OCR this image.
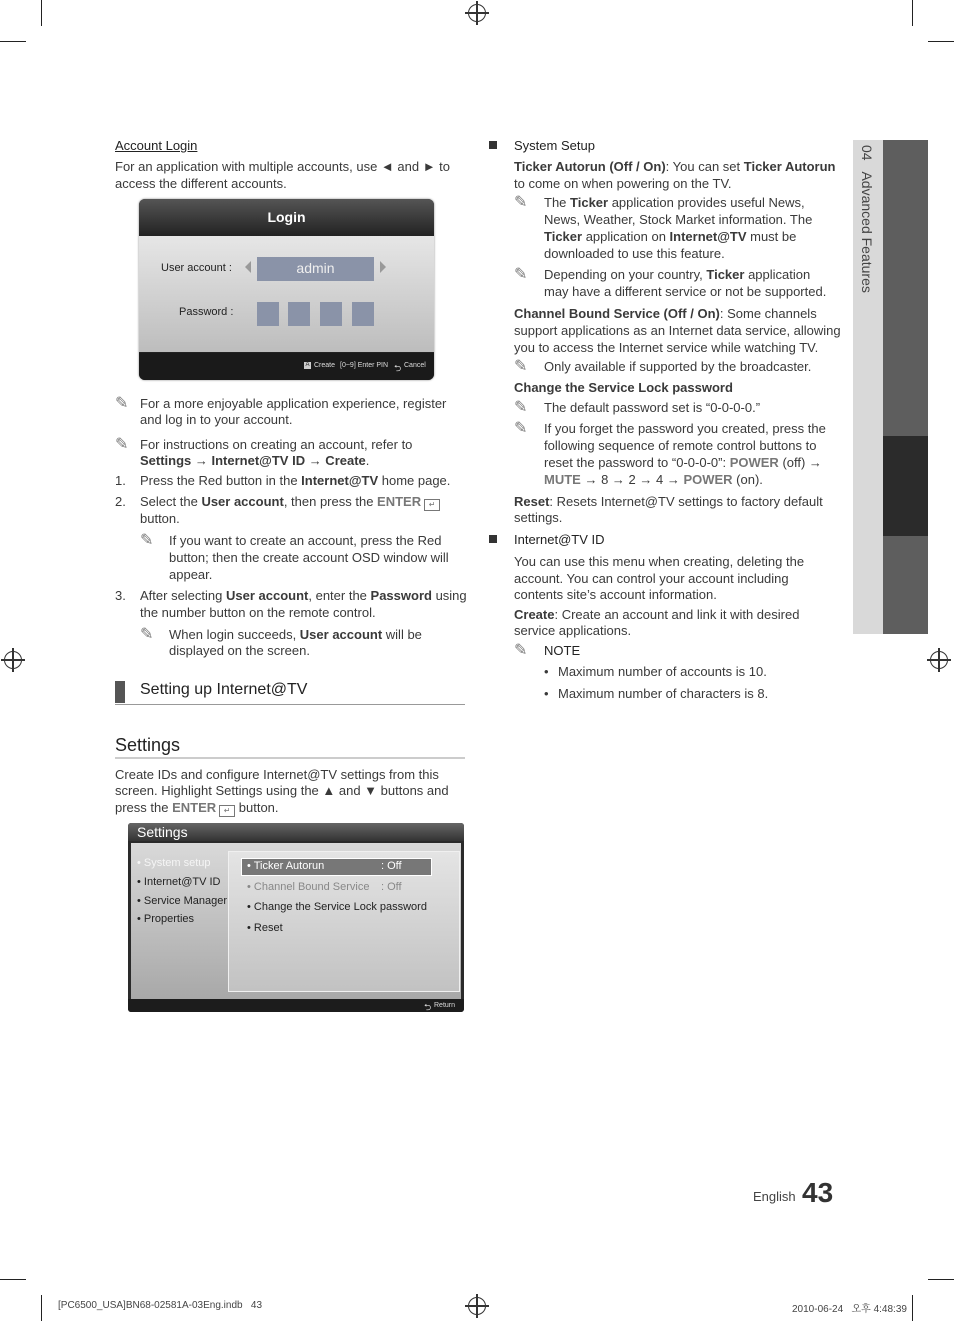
Account Login
For an application with multiple accounts, use ◄ and ► to
access the different accounts.
Login
User account :	admin
Password :
A Create [0~9] Enter PIN ⮌ Cancel
✎ For a more enjoyable application experience, register
and log in to your account.
✎ For instructions on creating an account, refer to
Settings → Internet@TV ID → Create.
1. Press the Red button in the Internet@TV home page.
2. Select the User account, then press the ENTER ↵
button.
✎ If you want to create an account, press the Red
button; then the create account OSD window will
appear.
3. After selecting User account, enter the Password using
the number button on the remote control.
✎ When login succeeds, User account will be
displayed on the screen.
Setting up Internet@TV
Settings
Create IDs and configure Internet@TV settings from this
screen. Highlight Settings using the ▲ and ▼ buttons and
press the ENTER ↵ button.
Settings
• System setup
• Internet@TV ID
• Service Manager
• Properties
• Ticker Autorun	: Off
• Channel Bound Service : Off
• Change the Service Lock password
• Reset
⮌ Return
System Setup
Ticker Autorun (Off / On): You can set Ticker Autorun
to come on when powering on the TV.
✎ The Ticker application provides useful News,
News, Weather, Stock Market information. The
Ticker application on Internet@TV must be
downloaded to use this feature.
✎ Depending on your country, Ticker application
may have a different service or not be supported.
Channel Bound Service (Off / On): Some channels
support applications as an Internet data service, allowing
you to access the Internet service while watching TV.
✎ Only available if supported by the broadcaster.
Change the Service Lock password
✎ The default password set is “0-0-0-0.”
✎ If you forget the password you created, press the
following sequence of remote control buttons to
reset the password to “0-0-0-0”: POWER (off) →
MUTE → 8 → 2 → 4 → POWER (on).
Reset: Resets Internet@TV settings to factory default
settings.
Internet@TV ID
You can use this menu when creating, deleting the
account. You can control your account including
contents site’s account information.
Create: Create an account and link it with desired
service applications.
✎ NOTE
• Maximum number of accounts is 10.
• Maximum number of characters is 8.
04   Advanced Features
English 43
[PC6500_USA]BN68-02581A-03Eng.indb   43	2010-06-24   오후 4:48:39
